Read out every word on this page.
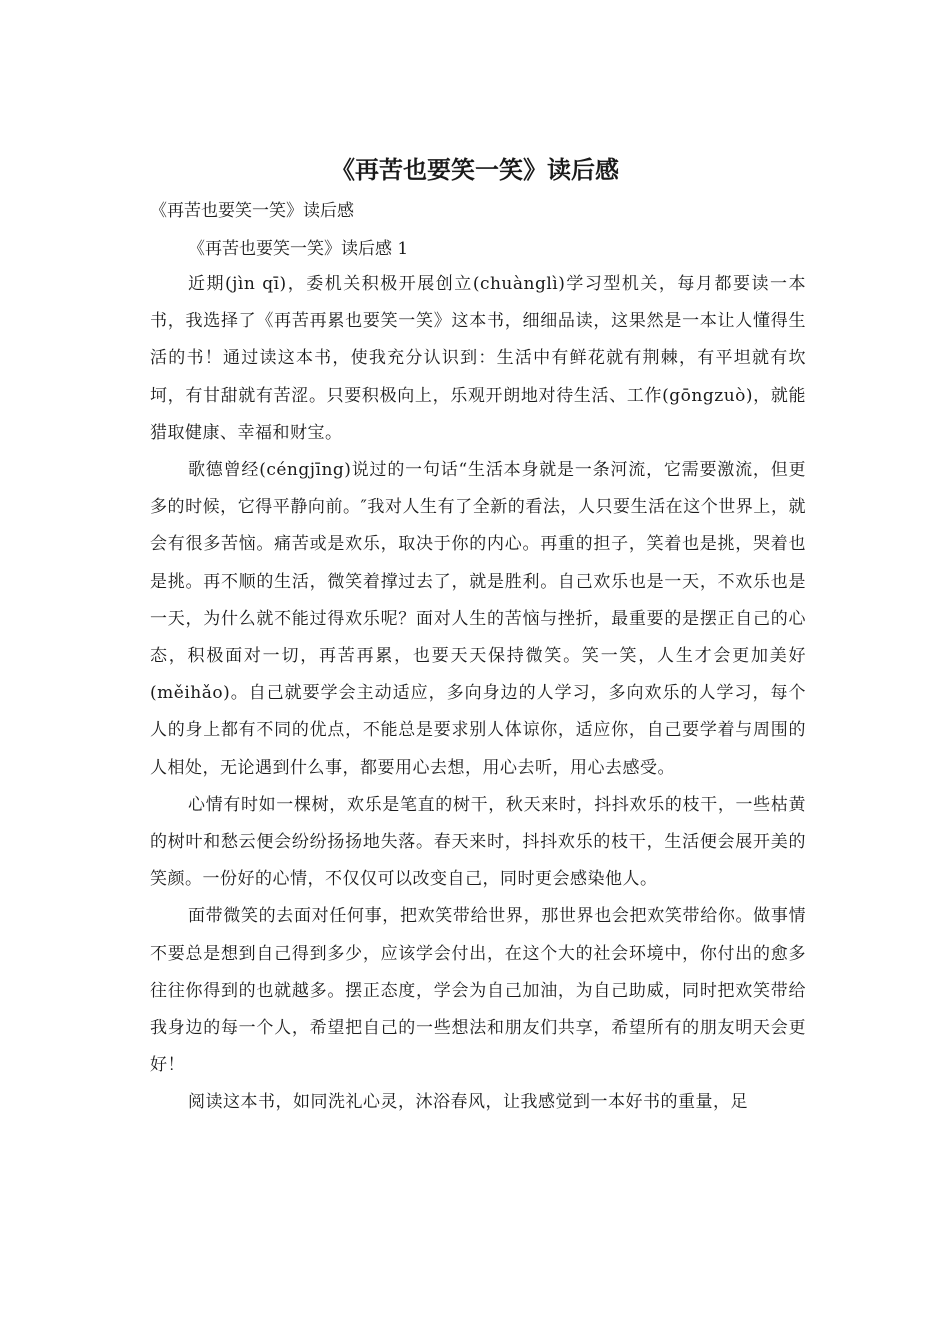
《再苦也要笑一笑》读后感
《再苦也要笑一笑》读后感
《再苦也要笑一笑》读后感 1

近期(jìn qī)，委机关积极开展创立(chuànglì)学习型机关，每月都要读一本书，我选择了《再苦再累也要笑一笑》这本书，细细品读，这果然是一本让人懂得生活的书！通过读这本书，使我充分认识到：生活中有鲜花就有荆棘，有平坦就有坎坷，有甘甜就有苦涩。只要积极向上，乐观开朗地对待生活、工作(gōngzuò)，就能猎取健康、幸福和财宝。

歌德曾经(céngjīng)说过的一句话“生活本身就是一条河流，它需要激流，但更多的时候，它得平静向前。″我对人生有了全新的看法，人只要生活在这个世界上，就会有很多苦恼。痛苦或是欢乐，取决于你的内心。再重的担子，笑着也是挑，哭着也是挑。再不顺的生活，微笑着撑过去了，就是胜利。自己欢乐也是一天，不欢乐也是一天，为什么就不能过得欢乐呢？面对人生的苦恼与挫折，最重要的是摆正自己的心态，积极面对一切，再苦再累，也要天天保持微笑。笑一笑，人生才会更加美好(měihǎo)。自己就要学会主动适应，多向身边的人学习，多向欢乐的人学习，每个人的身上都有不同的优点，不能总是要求别人体谅你，适应你，自己要学着与周围的人相处，无论遇到什么事，都要用心去想，用心去听，用心去感受。

心情有时如一棵树，欢乐是笔直的树干，秋天来时，抖抖欢乐的枝干，一些枯黄的树叶和愁云便会纷纷扬扬地失落。春天来时，抖抖欢乐的枝干，生活便会展开美的笑颜。一份好的心情，不仅仅可以改变自己，同时更会感染他人。

面带微笑的去面对任何事，把欢笑带给世界，那世界也会把欢笑带给你。做事情不要总是想到自己得到多少，应该学会付出，在这个大的社会环境中，你付出的愈多往往你得到的也就越多。摆正态度，学会为自己加油，为自己助威，同时把欢笑带给我身边的每一个人，希望把自己的一些想法和朋友们共享，希望所有的朋友明天会更好！

阅读这本书，如同洗礼心灵，沐浴春风，让我感觉到一本好书的重量，足
